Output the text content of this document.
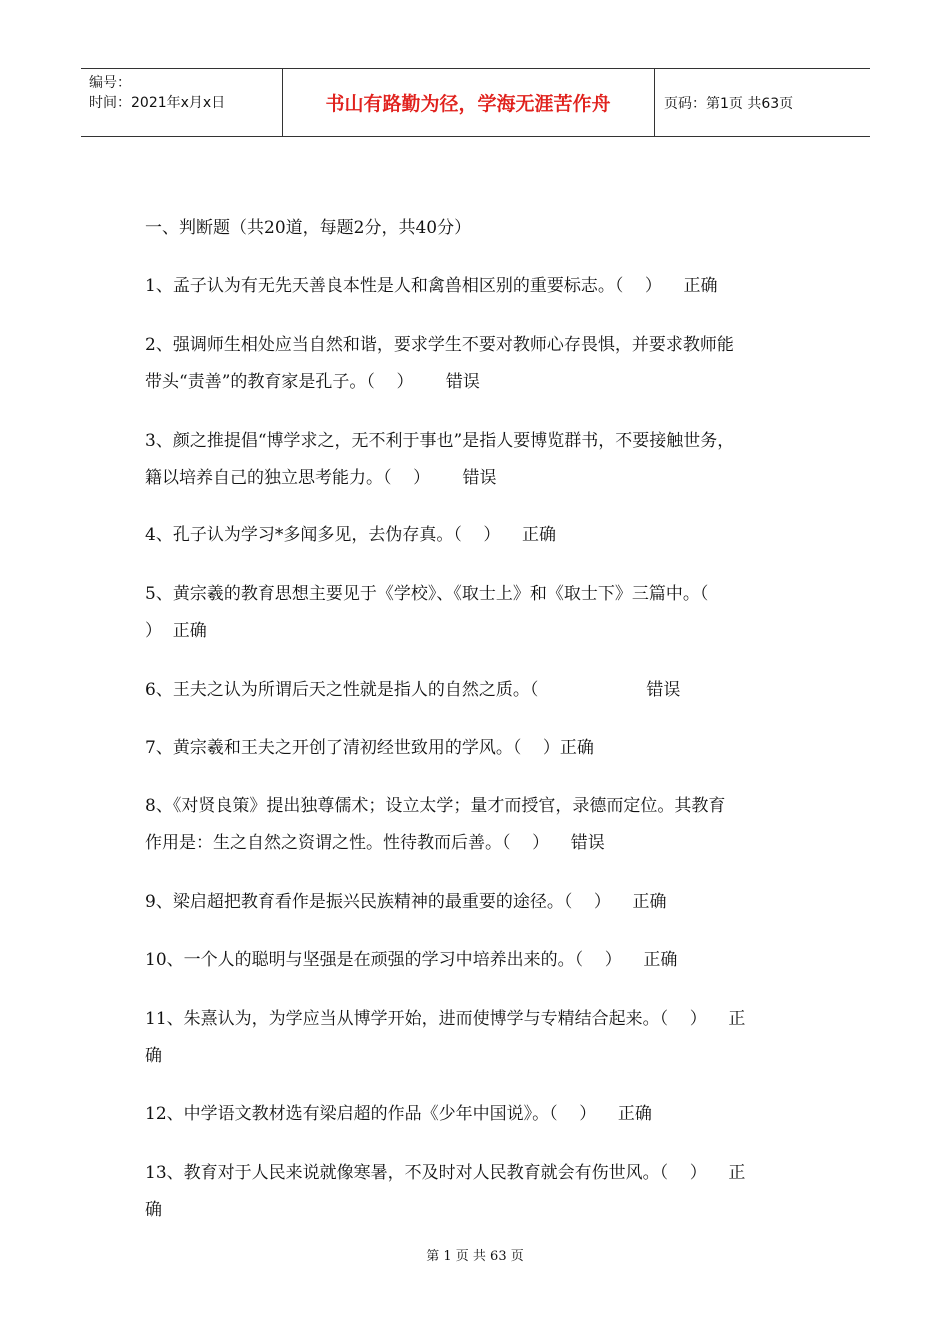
编号：
时间：2021年x月x日	书山有路勤为径，学海无涯苦作舟	页码：第1页 共63页
一、判断题（共20道，每题2分，共40分）
1、孟子认为有无先天善良本性是人和禽兽相区别的重要标志。（    ）    正确
2、强调师生相处应当自然和谐，要求学生不要对教师心存畏惧，并要求教师能
带头“责善”的教育家是孔子。（    ）      错误
3、颜之推提倡“博学求之，无不利于事也”是指人要博览群书，不要接触世务，
籍以培养自己的独立思考能力。（    ）      错误
4、孔子认为学习*多闻多见，去伪存真。（    ）    正确
5、黄宗羲的教育思想主要见于《学校》、《取士上》和《取士下》三篇中。（
）  正确
6、王夫之认为所谓后天之性就是指人的自然之质。（                    错误
7、黄宗羲和王夫之开创了清初经世致用的学风。（    ）正确
8、《对贤良策》提出独尊儒术；设立太学；量才而授官，录德而定位。其教育
作用是：生之自然之资谓之性。性待教而后善。（    ）    错误
9、梁启超把教育看作是振兴民族精神的最重要的途径。（    ）    正确
10、一个人的聪明与坚强是在顽强的学习中培养出来的。（    ）    正确
11、朱熹认为，为学应当从博学开始，进而使博学与专精结合起来。（    ）    正
确
12、中学语文教材选有梁启超的作品《少年中国说》。（    ）    正确
13、教育对于人民来说就像寒暑，不及时对人民教育就会有伤世风。（    ）    正
确
第 1 页 共 63 页
